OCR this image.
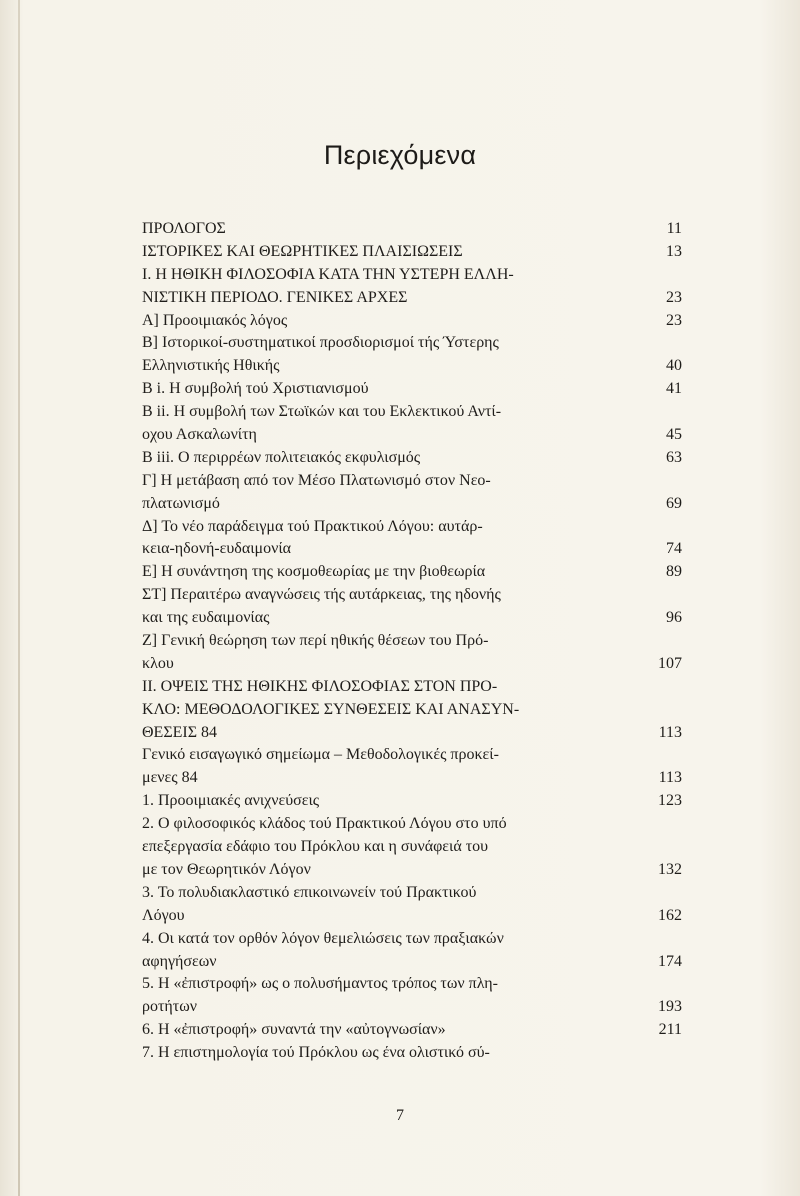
Περιεχόμενα
ΠΡΟΛΟΓΟΣ	11
ΙΣΤΟΡΙΚΕΣ ΚΑΙ ΘΕΩΡΗΤΙΚΕΣ ΠΛΑΙΣΙΩΣΕΙΣ	13
Ι. Η ΗΘΙΚΗ ΦΙΛΟΣΟΦΙΑ ΚΑΤΑ ΤΗΝ ΥΣΤΕΡΗ ΕΛΛΗ-
ΝΙΣΤΙΚΗ ΠΕΡΙΟΔΟ. ΓΕΝΙΚΕΣ ΑΡΧΕΣ	23
Α] Προοιμιακός λόγος	23
Β] Ιστορικοί-συστηματικοί προσδιορισμοί τής Ύστερης
Ελληνιστικής Ηθικής	40
Β i. Η συμβολή τού Χριστιανισμού	41
Β ii. Η συμβολή των Στωϊκών και του Εκλεκτικού Αντί-
οχου Ασκαλωνίτη	45
Β iii. Ο περιρρέων πολιτειακός εκφυλισμός	63
Γ] Η μετάβαση από τον Μέσο Πλατωνισμό στον Νεο-
πλατωνισμό	69
Δ] Το νέο παράδειγμα τού Πρακτικού Λόγου: αυτάρ-
κεια-ηδονή-ευδαιμονία	74
Ε] Η συνάντηση της κοσμοθεωρίας με την βιοθεωρία	89
ΣΤ] Περαιτέρω αναγνώσεις τής αυτάρκειας, της ηδονής
και της ευδαιμονίας	96
Ζ] Γενική θεώρηση των περί ηθικής θέσεων του Πρό-
κλου	107
ΙΙ. ΟΨΕΙΣ ΤΗΣ ΗΘΙΚΗΣ ΦΙΛΟΣΟΦΙΑΣ ΣΤΟΝ ΠΡΟ-
ΚΛΟ: ΜΕΘΟΔΟΛΟΓΙΚΕΣ ΣΥΝΘΕΣΕΙΣ ΚΑΙ ΑΝΑΣΥΝ-
ΘΕΣΕΙΣ 84	113
Γενικό εισαγωγικό σημείωμα – Μεθοδολογικές προκεί-
μενες 84	113
1. Προοιμιακές ανιχνεύσεις	123
2. Ο φιλοσοφικός κλάδος τού Πρακτικού Λόγου στο υπό
επεξεργασία εδάφιο του Πρόκλου και η συνάφειά του
με τον Θεωρητικόν Λόγον	132
3. Το πολυδιακλαστικό επικοινωνείν τού Πρακτικού
Λόγου	162
4. Οι κατά τον ορθόν λόγον θεμελιώσεις των πραξιακών
αφηγήσεων	174
5. Η «ἐπιστροφή» ως ο πολυσήμαντος τρόπος των πλη-
ροτήτων	193
6. Η «ἐπιστροφή» συναντά την «αὐτογνωσίαν»	211
7. Η επιστημολογία τού Πρόκλου ως ένα ολιστικό σύ-
7
